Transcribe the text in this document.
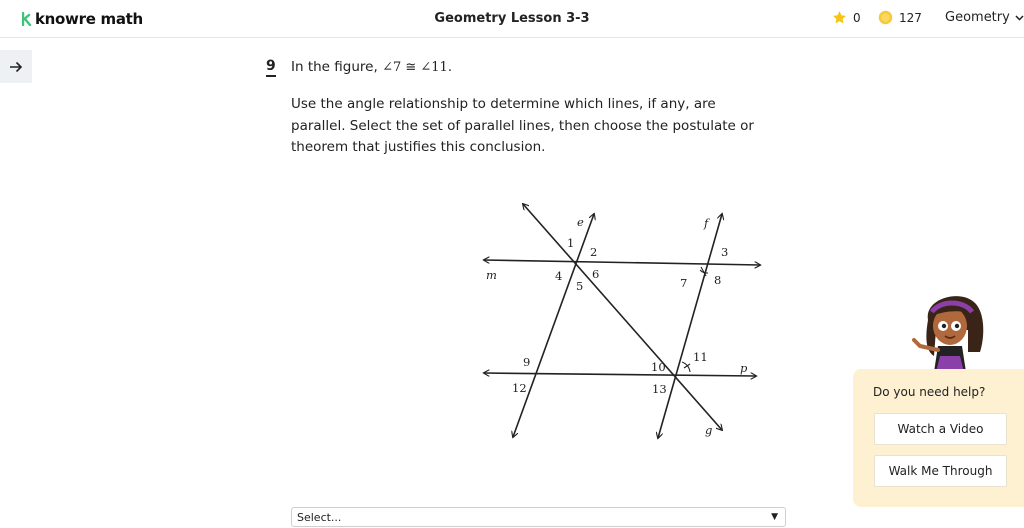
knowre math	Geometry Lesson 3-3	0	127 Geometry
9 In the figure, ∠7 ≅ ∠11.
Use the angle relationship to determine which lines, if any, are parallel. Select the set of parallel lines, then choose the postulate or theorem that justifies this conclusion.
m
p
e	f
g
1
2	3
4
5
6
7 8
9	10
11
12	13
Select...	▼
Do you need help?
Watch a Video
Walk Me Through
